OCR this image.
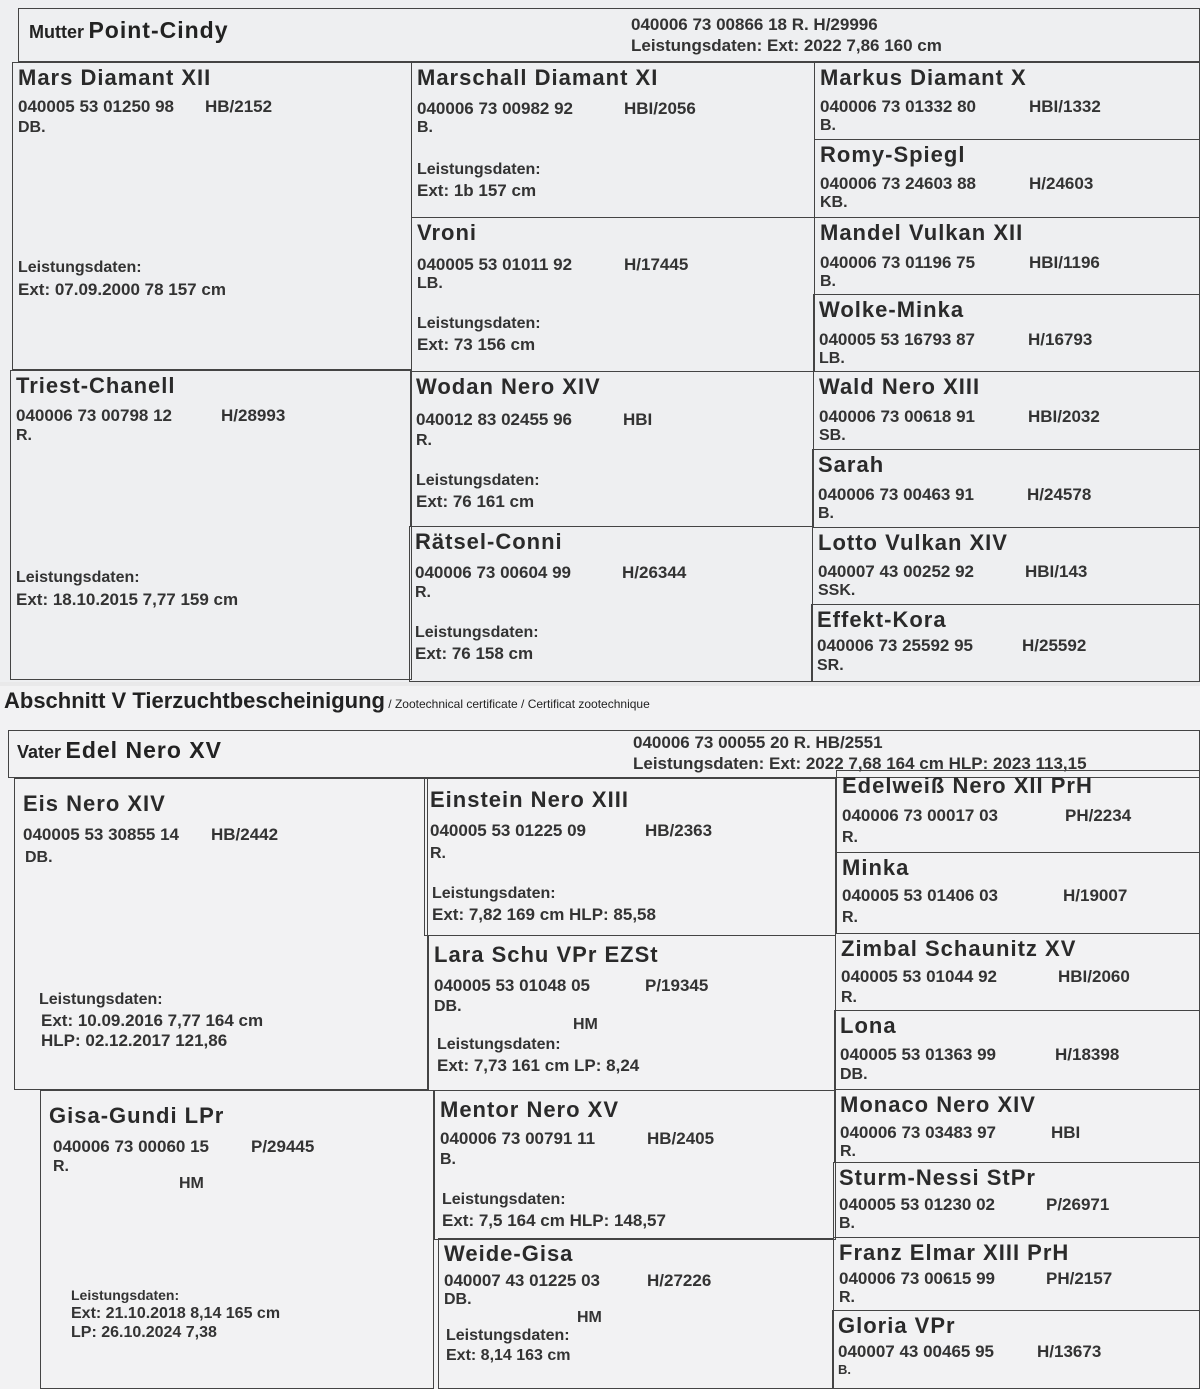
Mutter Point-Cindy	040006 73 00866 18 R. H/29996
Leistungsdaten: Ext: 2022 7,86 160 cm
Mars Diamant XII
040005 53 01250 98 HB/2152
DB.
Leistungsdaten:
Ext: 07.09.2000 78 157 cm
Triest-Chanell
040006 73 00798 12	H/28993
R.
Leistungsdaten:
Ext: 18.10.2015 7,77 159 cm
Marschall Diamant XI
040006 73 00982 92	HBI/2056
B.
Leistungsdaten:
Ext: 1b 157 cm
Vroni
040005 53 01011 92	H/17445
LB.
Leistungsdaten:
Ext: 73 156 cm
Wodan Nero XIV
040012 83 02455 96	HBI
R.
Leistungsdaten:
Ext: 76 161 cm
Rätsel-Conni
040006 73 00604 99	H/26344
R.
Leistungsdaten:
Ext: 76 158 cm
Markus Diamant X
040006 73 01332 80	HBI/1332
B.
Romy-Spiegl
040006 73 24603 88	H/24603
KB.
Mandel Vulkan XII
040006 73 01196 75	HBI/1196
B.
Wolke-Minka
040005 53 16793 87	H/16793
LB.
Wald Nero XIII
040006 73 00618 91	HBI/2032
SB.
Sarah
040006 73 00463 91	H/24578
B.
Lotto Vulkan XIV
040007 43 00252 92	HBI/143
SSK.
Effekt-Kora
040006 73 25592 95	H/25592
SR.
Abschnitt V Tierzuchtbescheinigung / Zootechnical certificate / Certificat zootechnique
Vater Edel Nero XV	040006 73 00055 20 R. HB/2551
Leistungsdaten: Ext: 2022 7,68 164 cm HLP: 2023 113,15
Eis Nero XIV
040005 53 30855 14 HB/2442
DB.
Leistungsdaten:
Ext: 10.09.2016 7,77 164 cm
HLP: 02.12.2017 121,86
Gisa-Gundi LPr
040006 73 00060 15 P/29445
R.
HM
Leistungsdaten:
Ext: 21.10.2018 8,14 165 cm
LP: 26.10.2024 7,38
Einstein Nero XIII
040005 53 01225 09	HB/2363
R.
Leistungsdaten:
Ext: 7,82 169 cm HLP: 85,58
Lara Schu VPr EZSt
040005 53 01048 05	P/19345
DB.
HM
Leistungsdaten:
Ext: 7,73 161 cm LP: 8,24
Mentor Nero XV
040006 73 00791 11	HB/2405
B.
Leistungsdaten:
Ext: 7,5 164 cm HLP: 148,57
Weide-Gisa
040007 43 01225 03	H/27226
DB.
HM
Leistungsdaten:
Ext: 8,14 163 cm
Edelweiß Nero XII PrH
040006 73 00017 03	PH/2234
R.
Minka
040005 53 01406 03	H/19007
R.
Zimbal Schaunitz XV
040005 53 01044 92	HBI/2060
R.
Lona
040005 53 01363 99	H/18398
DB.
Monaco Nero XIV
040006 73 03483 97	HBI
R.
Sturm-Nessi StPr
040005 53 01230 02	P/26971
B.
Franz Elmar XIII PrH
040006 73 00615 99	PH/2157
R.
Gloria VPr
040007 43 00465 95	H/13673
B.
